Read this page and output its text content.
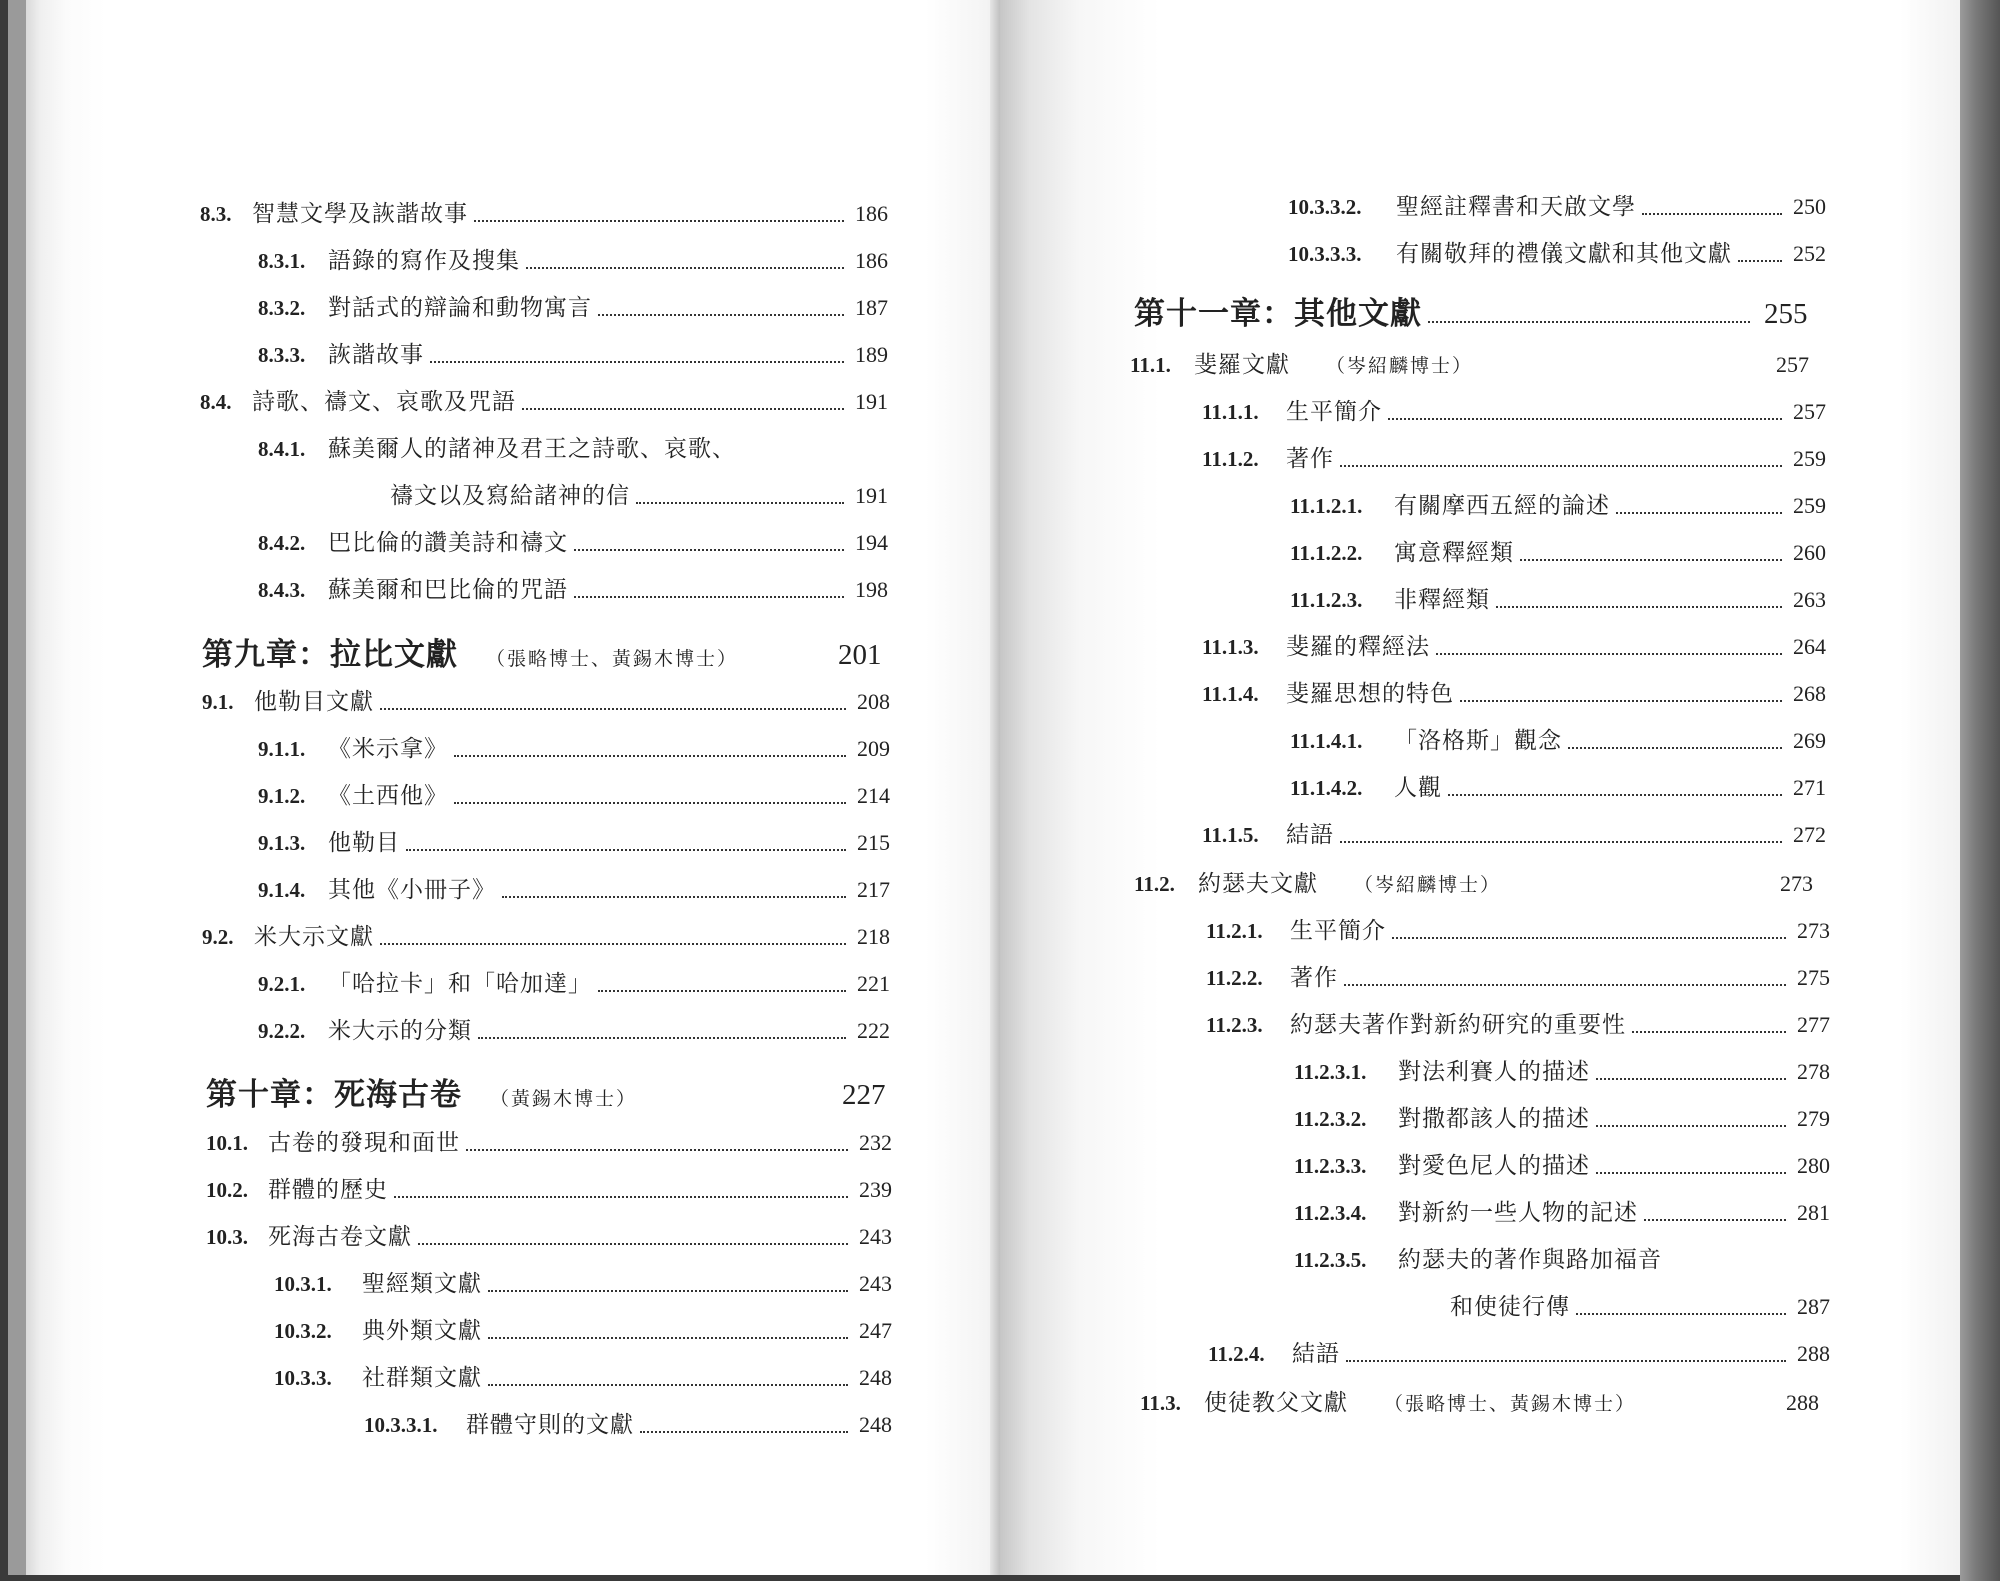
8.3. 智慧文學及詼諧故事	186
8.3.1. 語錄的寫作及搜集	186
8.3.2. 對話式的辯論和動物寓言	187
8.3.3. 詼諧故事	189
8.4. 詩歌、禱文、哀歌及咒語	191
8.4.1. 蘇美爾人的諸神及君王之詩歌、哀歌、
禱文以及寫給諸神的信	191
8.4.2. 巴比倫的讚美詩和禱文	194
8.4.3. 蘇美爾和巴比倫的咒語	198
第九章：拉比文獻 （張略博士、黃錫木博士）	201
9.1. 他勒目文獻	208
9.1.1. 《米示拿》	209
9.1.2. 《土西他》	214
9.1.3. 他勒目	215
9.1.4. 其他《小冊子》	217
9.2. 米大示文獻	218
9.2.1. 「哈拉卡」和「哈加達」	221
9.2.2. 米大示的分類	222
第十章：死海古卷 （黃錫木博士）	227
10.1. 古卷的發現和面世	232
10.2. 群體的歷史	239
10.3. 死海古卷文獻	243
10.3.1. 聖經類文獻	243
10.3.2. 典外類文獻	247
10.3.3. 社群類文獻	248
10.3.3.1. 群體守則的文獻	248
10.3.3.2. 聖經註釋書和天啟文學	250
10.3.3.3. 有關敬拜的禮儀文獻和其他文獻	252
第十一章：其他文獻	255
11.1. 斐羅文獻 （岑紹麟博士）	257
11.1.1. 生平簡介	257
11.1.2. 著作	259
11.1.2.1. 有關摩西五經的論述	259
11.1.2.2. 寓意釋經類	260
11.1.2.3. 非釋經類	263
11.1.3. 斐羅的釋經法	264
11.1.4. 斐羅思想的特色	268
11.1.4.1. 「洛格斯」觀念	269
11.1.4.2. 人觀	271
11.1.5. 結語	272
11.2. 約瑟夫文獻 （岑紹麟博士）	273
11.2.1. 生平簡介	273
11.2.2. 著作	275
11.2.3. 約瑟夫著作對新約研究的重要性	277
11.2.3.1. 對法利賽人的描述	278
11.2.3.2. 對撒都該人的描述	279
11.2.3.3. 對愛色尼人的描述	280
11.2.3.4. 對新約一些人物的記述	281
11.2.3.5. 約瑟夫的著作與路加福音
和使徒行傳	287
11.2.4. 結語	288
11.3. 使徒教父文獻 （張略博士、黃錫木博士）	288
